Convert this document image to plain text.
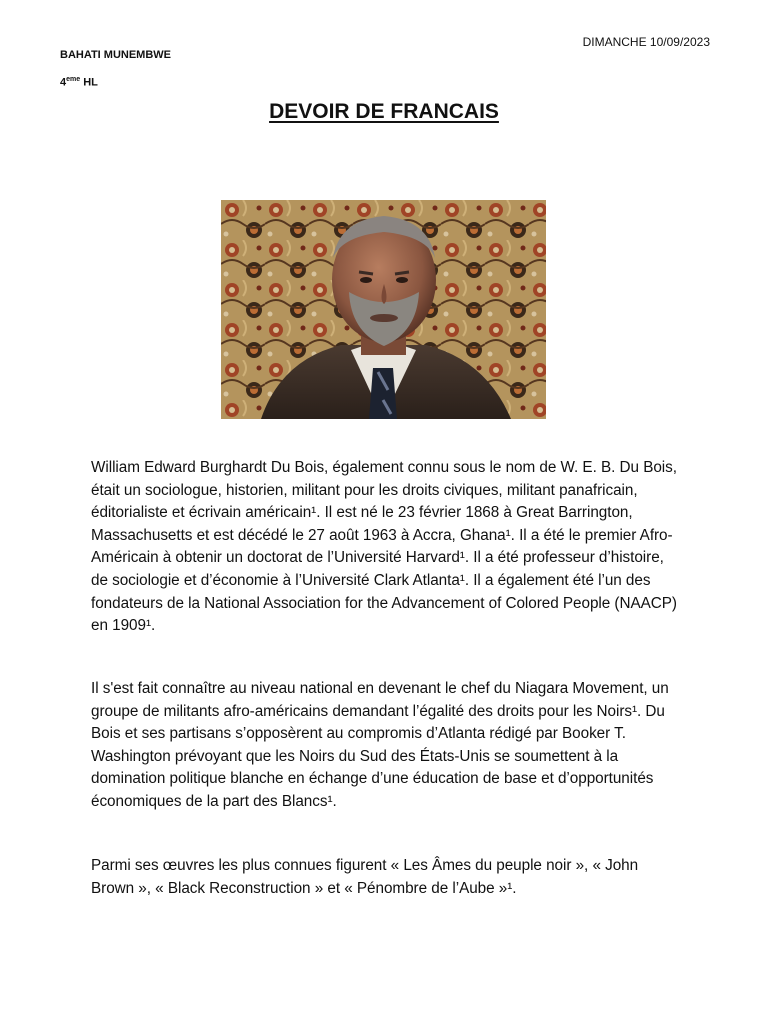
DIMANCHE 10/09/2023
BAHATI MUNEMBWE
4eme HL
DEVOIR DE FRANCAIS

William Edward Burghardt Du Bois, également connu sous le nom de W. E. B. Du Bois, était un sociologue, historien, militant pour les droits civiques, militant panafricain, éditorialiste et écrivain américain¹. Il est né le 23 février 1868 à Great Barrington, Massachusetts et est décédé le 27 août 1963 à Accra, Ghana¹. Il a été le premier Afro-Américain à obtenir un doctorat de l’Université Harvard¹. Il a été professeur d’histoire, de sociologie et d’économie à l’Université Clark Atlanta¹. Il a également été l’un des fondateurs de la National Association for the Advancement of Colored People (NAACP) en 1909¹.

Il s'est fait connaître au niveau national en devenant le chef du Niagara Movement, un groupe de militants afro-américains demandant l’égalité des droits pour les Noirs¹. Du Bois et ses partisans s’opposèrent au compromis d’Atlanta rédigé par Booker T. Washington prévoyant que les Noirs du Sud des États-Unis se soumettent à la domination politique blanche en échange d’une éducation de base et d’opportunités économiques de la part des Blancs¹.

Parmi ses œuvres les plus connues figurent « Les Âmes du peuple noir », « John Brown », « Black Reconstruction » et « Pénombre de l’Aube »¹.
